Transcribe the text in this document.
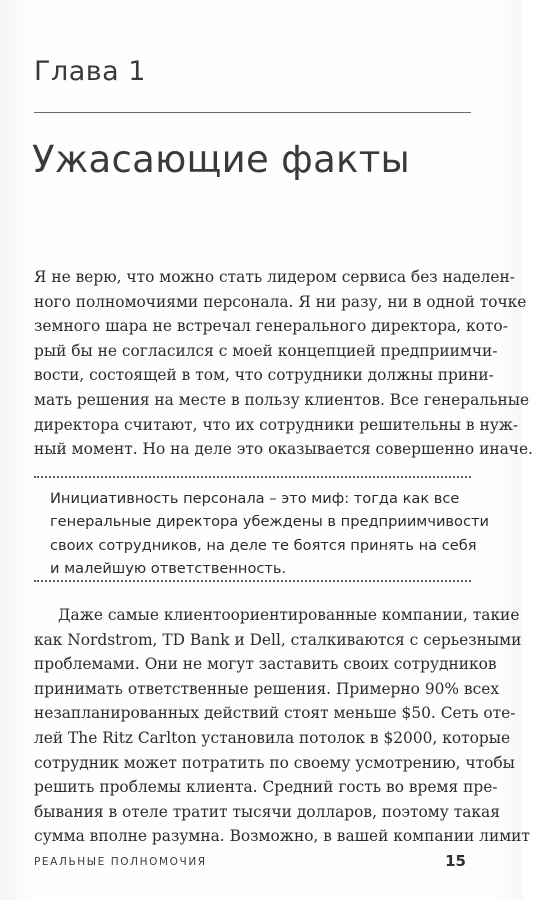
Глава 1
Ужасающие факты
Я не верю, что можно стать лидером сервиса без наделен-
ного полномочиями персонала. Я ни разу, ни в одной точке
земного шара не встречал генерального директора, кото-
рый бы не согласился с моей концепцией предприимчи-
вости, состоящей в том, что сотрудники должны прини-
мать решения на месте в пользу клиентов. Все генеральные
директора считают, что их сотрудники решительны в нуж-
ный момент. Но на деле это оказывается совершенно иначе.
Инициативность персонала – это миф: тогда как все
генеральные директора убеждены в предприимчивости
своих сотрудников, на деле те боятся принять на себя
и малейшую ответственность.
Даже самые клиентоориентированные компании, такие
как Nordstrom, TD Bank и Dell, сталкиваются с серьезными
проблемами. Они не могут заставить своих сотрудников
принимать ответственные решения. Примерно 90% всех
незапланированных действий стоят меньше $50. Сеть оте-
лей The Ritz Carlton установила потолок в $2000, которые
сотрудник может потратить по своему усмотрению, чтобы
решить проблемы клиента. Средний гость во время пре-
бывания в отеле тратит тысячи долларов, поэтому такая
сумма вполне разумна. Возможно, в вашей компании лимит
РЕАЛЬНЫЕ ПОЛНОМОЧИЯ	15
